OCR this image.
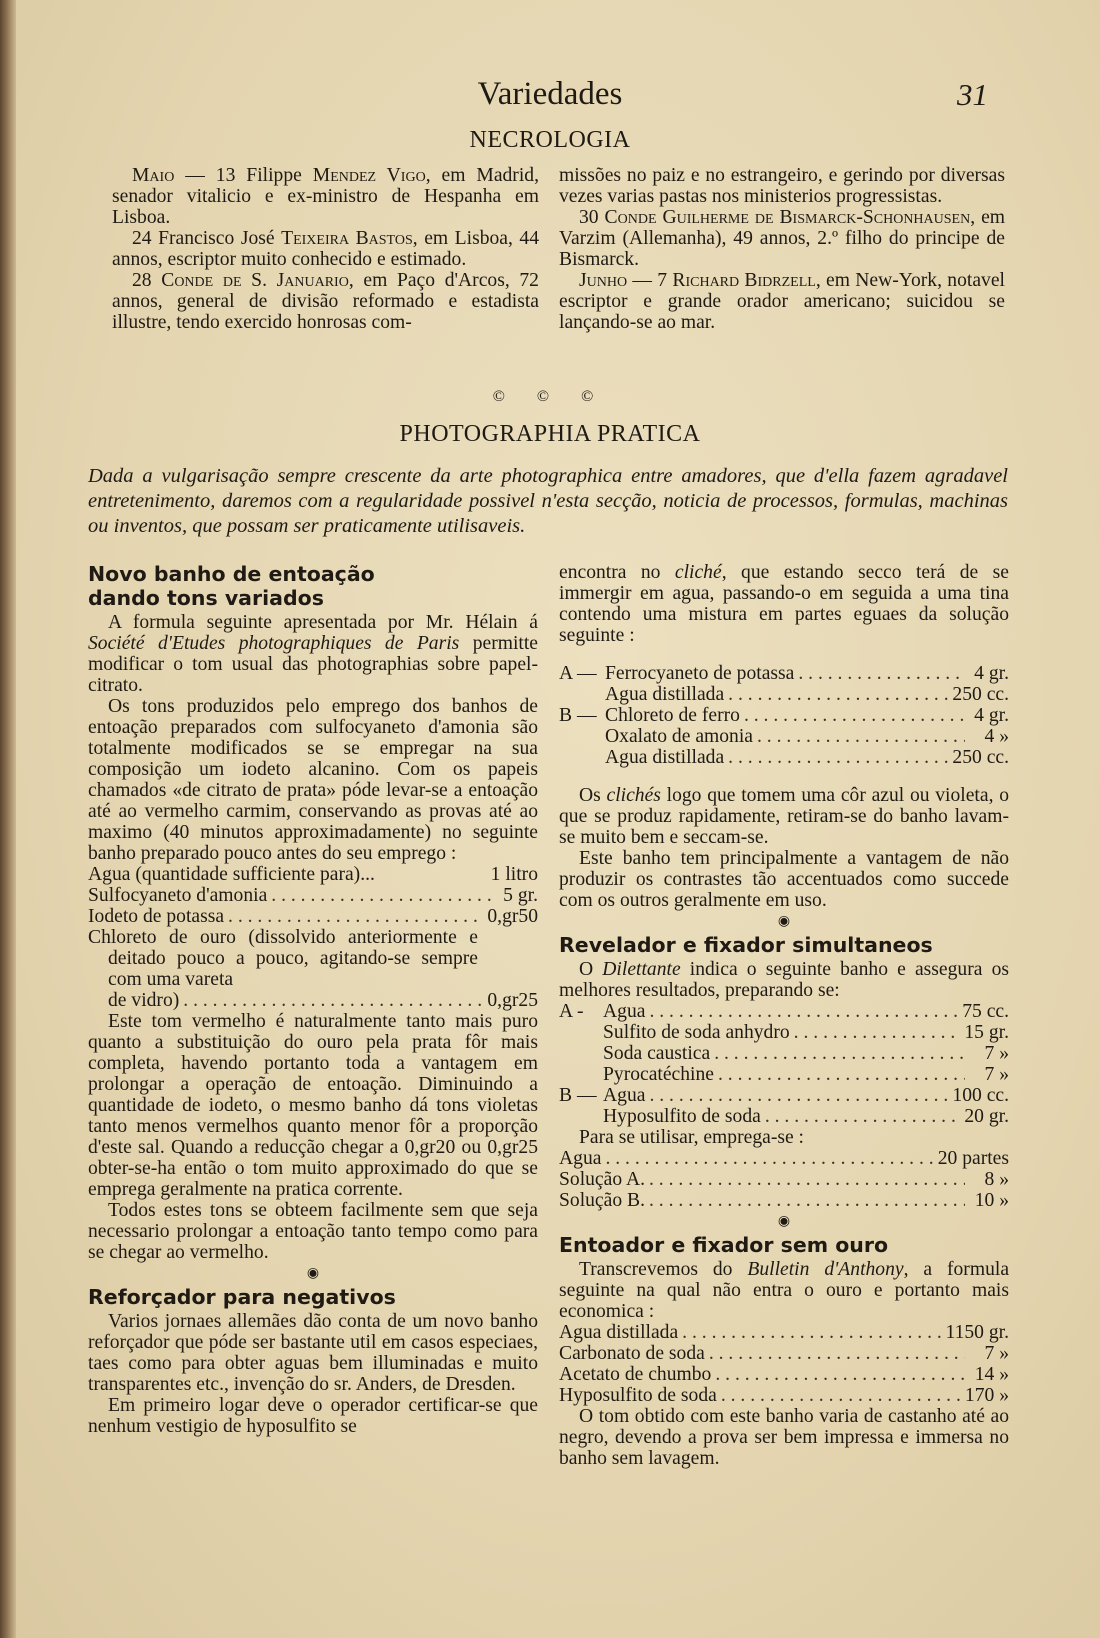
Variedades	31
NECROLOGIA

Maio — 13 Filippe Mendez Vigo, em Madrid, senador vitalicio e ex-ministro de Hespanha em Lisboa.

24 Francisco José Teixeira Bastos, em Lisboa, 44 annos, escriptor muito conhecido e estimado.

28 Conde de S. Januario, em Paço d'Arcos, 72 annos, general de divisão reformado e estadista illustre, tendo exercido honrosas com-

missões no paiz e no estrangeiro, e gerindo por diversas vezes varias pastas nos ministerios progressistas.

30 Conde Guilherme de Bismarck-Schonhausen, em Varzim (Allemanha), 49 annos, 2.º filho do principe de Bismarck.

Junho — 7 Richard Bidrzell, em New-York, notavel escriptor e grande orador americano; suicidou se lançando-se ao mar.

© © ©
PHOTOGRAPHIA PRATICA
Dada a vulgarisação sempre crescente da arte photographica entre amadores, que d'ella fazem agradavel entretenimento, daremos com a regularidade possivel n'esta secção, noticia de processos, formulas, machinas ou inventos, que possam ser praticamente utilisaveis.

Novo banho de entoação

dando tons variados

A formula seguinte apresentada por Mr. Hélain á Société d'Etudes photographiques de Paris permitte modificar o tom usual das photographias sobre papel-citrato.

Os tons produzidos pelo emprego dos banhos de entoação preparados com sulfocyaneto d'amonia são totalmente modificados se se empregar na sua composição um iodeto alcanino. Com os papeis chamados «de citrato de prata» póde levar-se a entoação até ao vermelho carmim, conservando as provas até ao maximo (40 minutos approximadamente) no seguinte banho preparado pouco antes do seu emprego :

Agua (quantidade sufficiente para)...	1 litro
Sulfocyaneto d'amonia . . .	5 gr.
Iodeto de potassa . . .	0,gr50

Chloreto de ouro (dissolvido anteriormente e deitado pouco a pouco, agitando-se sempre com uma vareta

de vidro) . . .	0,gr25

Este tom vermelho é naturalmente tanto mais puro quanto a substituição do ouro pela prata fôr mais completa, havendo portanto toda a vantagem em prolongar a operação de entoação. Diminuindo a quantidade de iodeto, o mesmo banho dá tons violetas tanto menos vermelhos quanto menor fôr a proporção d'este sal. Quando a reducção chegar a 0,gr20 ou 0,gr25 obter-se-ha então o tom muito approximado do que se emprega geralmente na pratica corrente.

Todos estes tons se obteem facilmente sem que seja necessario prolongar a entoação tanto tempo como para se chegar ao vermelho.

◉

Reforçador para negativos

Varios jornaes allemães dão conta de um novo banho reforçador que póde ser bastante util em casos especiaes, taes como para obter aguas bem illuminadas e muito transparentes etc., invenção do sr. Anders, de Dresden.

Em primeiro logar deve o operador certificar-se que nenhum vestigio de hyposulfito se

encontra no cliché, que estando secco terá de se immergir em agua, passando-o em seguida a uma tina contendo uma mistura em partes eguaes da solução seguinte :

A — Ferrocyaneto de potassa . . .	4 gr.
Agua distillada . . .	250 cc.
B — Chloreto de ferro . . .	4 gr.
Oxalato de amonia . . .	4 »
Agua distillada . . .	250 cc.

Os clichés logo que tomem uma côr azul ou violeta, o que se produz rapidamente, retiram-se do banho lavam-se muito bem e seccam-se.

Este banho tem principalmente a vantagem de não produzir os contrastes tão accentuados como succede com os outros geralmente em uso.

◉

Revelador e fixador simultaneos

O Dilettante indica o seguinte banho e assegura os melhores resultados, preparando se:

A - Agua . . .	75 cc.
Sulfito de soda anhydro . . .	15 gr.
Soda caustica . . .	7 »
Pyrocatéchine . . .	7 »
B — Agua . . .	100 cc.
Hyposulfito de soda . . .	20 gr.

Para se utilisar, emprega-se :

Agua . . .	20 partes
Solução A. . . .	8 »
Solução B. . . .	10 »
◉

Entoador e fixador sem ouro

Transcrevemos do Bulletin d'Anthony, a formula seguinte na qual não entra o ouro e portanto mais economica :

Agua distillada . . .	1150 gr.
Carbonato de soda . . .	7 »
Acetato de chumbo . . .	14 »
Hyposulfito de soda . . .	170 »

O tom obtido com este banho varia de castanho até ao negro, devendo a prova ser bem impressa e immersa no banho sem lavagem.
